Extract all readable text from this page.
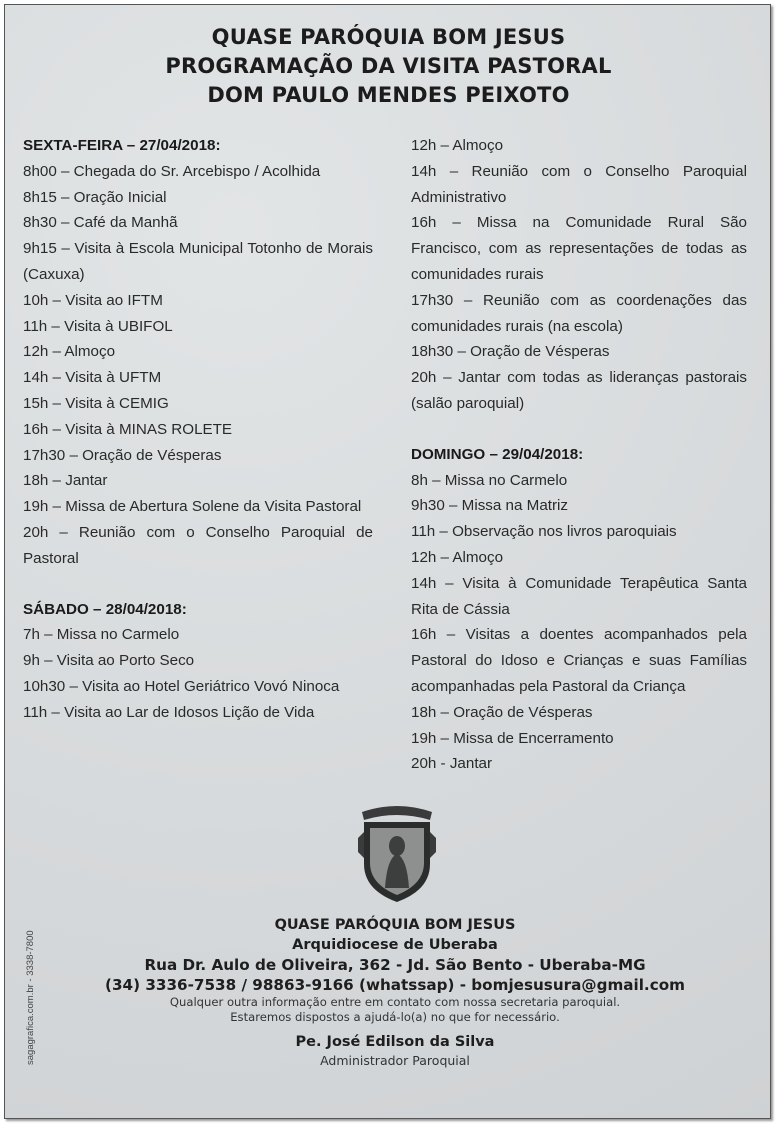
QUASE PARÓQUIA BOM JESUS
PROGRAMAÇÃO DA VISITA PASTORAL
DOM PAULO MENDES PEIXOTO
SEXTA-FEIRA – 27/04/2018:
8h00 – Chegada do Sr. Arcebispo / Acolhida
8h15 – Oração Inicial
8h30 – Café da Manhã
9h15 – Visita à Escola Municipal Totonho de Morais (Caxuxa)
10h – Visita ao IFTM
11h – Visita à UBIFOL
12h – Almoço
14h – Visita à UFTM
15h – Visita à CEMIG
16h – Visita à MINAS ROLETE
17h30 – Oração de Vésperas
18h – Jantar
19h – Missa de Abertura Solene da Visita Pastoral
20h – Reunião com o Conselho Paroquial de Pastoral
SÁBADO – 28/04/2018:
7h – Missa no Carmelo
9h – Visita ao Porto Seco
10h30 – Visita ao Hotel Geriátrico Vovó Ninoca
11h – Visita ao Lar de Idosos Lição de Vida
12h – Almoço
14h – Reunião com o Conselho Paroquial Administrativo
16h – Missa na Comunidade Rural São Francisco, com as representações de todas as comunidades rurais
17h30 – Reunião com as coordenações das comunidades rurais (na escola)
18h30 – Oração de Vésperas
20h – Jantar com todas as lideranças pastorais (salão paroquial)
DOMINGO – 29/04/2018:
8h – Missa no Carmelo
9h30 – Missa na Matriz
11h – Observação nos livros paroquiais
12h – Almoço
14h – Visita à Comunidade Terapêutica Santa Rita de Cássia
16h – Visitas a doentes acompanhados pela Pastoral do Idoso e Crianças e suas Famílias acompanhadas pela Pastoral da Criança
18h – Oração de Vésperas
19h – Missa de Encerramento
20h - Jantar
QUASE PARÓQUIA BOM JESUS
Arquidiocese de Uberaba
Rua Dr. Aulo de Oliveira, 362 - Jd. São Bento - Uberaba-MG
(34) 3336-7538 / 98863-9166 (whatssap) - bomjesusura@gmail.com
Qualquer outra informação entre em contato com nossa secretaria paroquial.
Estaremos dispostos a ajudá-lo(a) no que for necessário.
Pe. José Edilson da Silva
Administrador Paroquial
sagagrafica.com.br - 3338-7800
